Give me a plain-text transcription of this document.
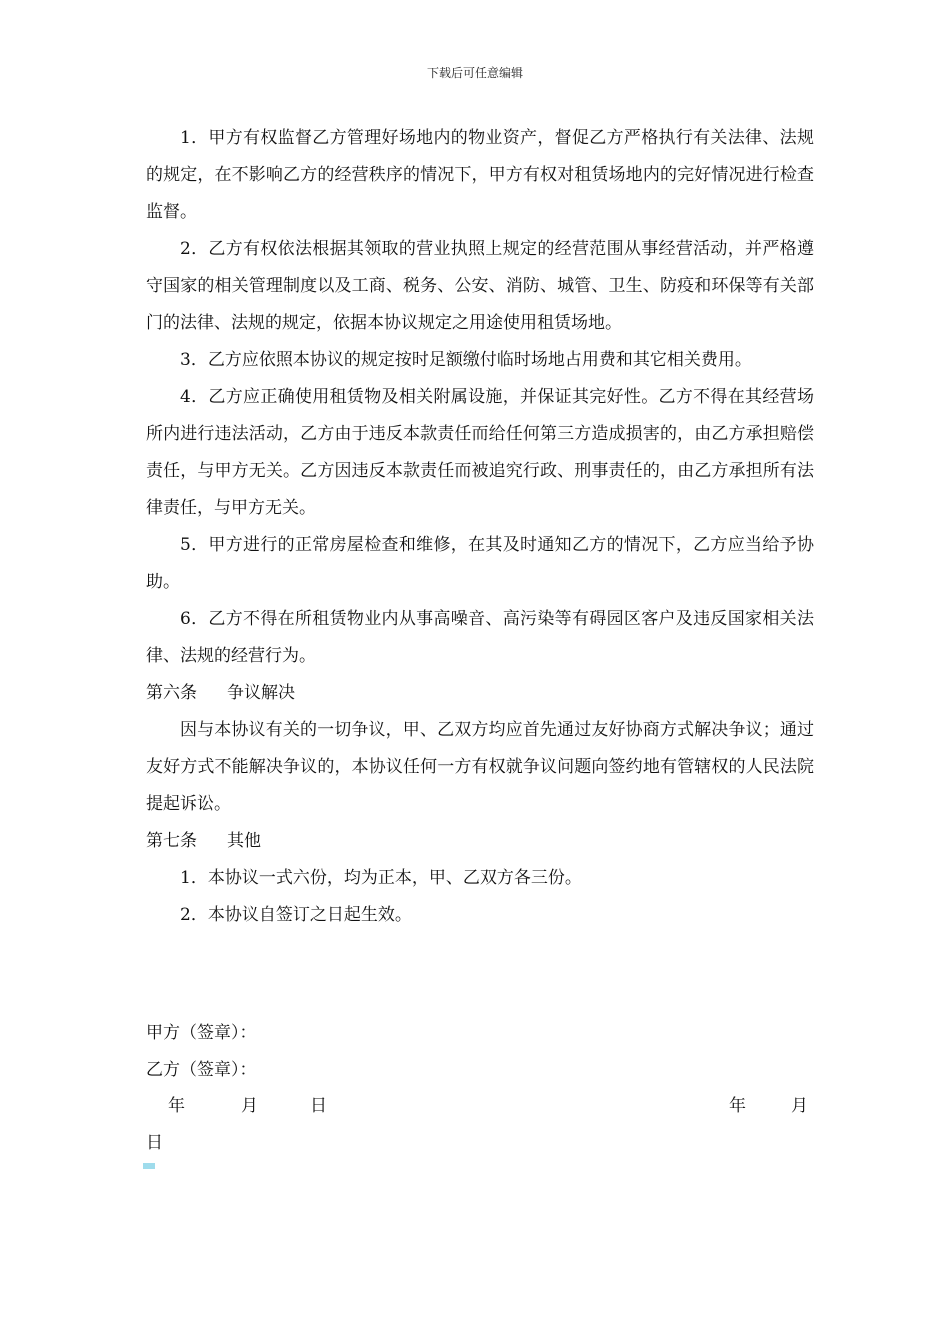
下载后可任意编辑

1．甲方有权监督乙方管理好场地内的物业资产，督促乙方严格执行有关法律、法规的规定，在不影响乙方的经营秩序的情况下，甲方有权对租赁场地内的完好情况进行检查监督。

2．乙方有权依法根据其领取的营业执照上规定的经营范围从事经营活动，并严格遵守国家的相关管理制度以及工商、税务、公安、消防、城管、卫生、防疫和环保等有关部门的法律、法规的规定，依据本协议规定之用途使用租赁场地。

3．乙方应依照本协议的规定按时足额缴付临时场地占用费和其它相关费用。

4．乙方应正确使用租赁物及相关附属设施，并保证其完好性。乙方不得在其经营场所内进行违法活动，乙方由于违反本款责任而给任何第三方造成损害的，由乙方承担赔偿责任，与甲方无关。乙方因违反本款责任而被追究行政、刑事责任的，由乙方承担所有法律责任，与甲方无关。

5．甲方进行的正常房屋检查和维修，在其及时通知乙方的情况下，乙方应当给予协助。

6．乙方不得在所租赁物业内从事高噪音、高污染等有碍园区客户及违反国家相关法律、法规的经营行为。

第六条 争议解决

因与本协议有关的一切争议，甲、乙双方均应首先通过友好协商方式解决争议；通过友好方式不能解决争议的，本协议任何一方有权就争议问题向签约地有管辖权的人民法院提起诉讼。

第七条 其他

1．本协议一式六份，均为正本，甲、乙双方各三份。

2．本协议自签订之日起生效。

甲方（签章）：
乙方（签章）：
年	月	日	年	月
日
